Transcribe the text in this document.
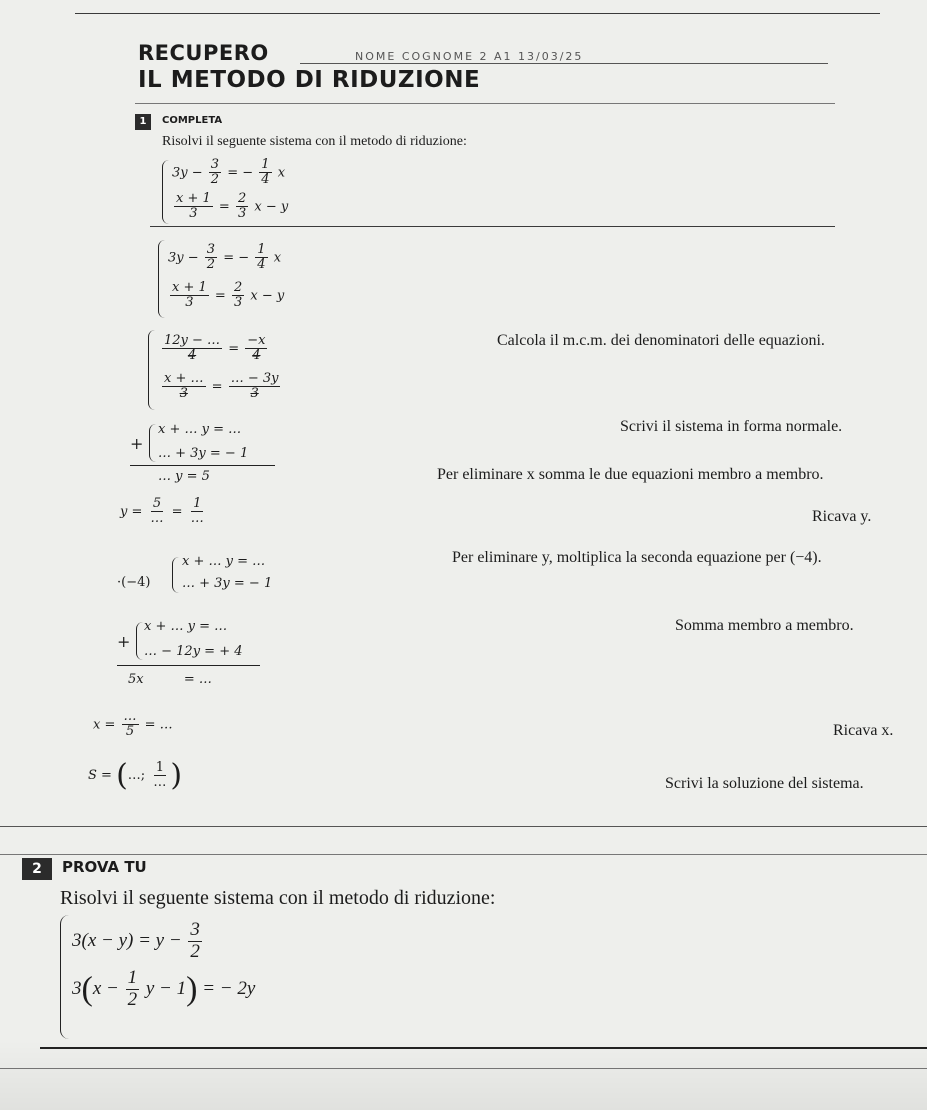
RECUPERO	NOME COGNOME 2 A1 13/03/25
IL METODO DI RIDUZIONE
1	COMPLETA
Risolvi il seguente sistema con il metodo di riduzione:
$3y - \frac{3}{2}$ = − $\frac{1}{4}$ x
$\frac{x + 1}{3} = \frac{2}{3}$ x − y
$3y - \frac{3}{2}$ = − $\frac{1}{4}$ x
$\frac{x + 1}{3} = \frac{2}{3}$ x − y
$\frac{12y - \dots}{4} = \frac{-x}{4}$
$\frac{x + \dots}{3} = \frac{\dots - 3y}{3}$
Calcola il m.c.m. dei denominatori delle equazioni.
+
x + … y = …
… + 3y = − 1
… y = 5
Scrivi il sistema in forma normale.
Per eliminare x somma le due equazioni membro a membro.
$y = \frac{5}{\dots} = \frac{1}{\dots}$	Ricava y.
·(−4)
x + … y = …
… + 3y = − 1
Per eliminare y, moltiplica la seconda equazione per (−4).
+
x + … y = …
… − 12y = + 4
5x	= …
Somma membro a membro.
$x = \frac{\dots}{5}$ = …	Ricava x.
S = (…; $\frac{1}{\dots}$ )	Scrivi la soluzione del sistema.
2	PROVA TU
Risolvi il seguente sistema con il metodo di riduzione:
$3(x - y) = y - \frac{3}{2}$
$3(x - \frac{1}{2}$ y − 1) = − 2y
